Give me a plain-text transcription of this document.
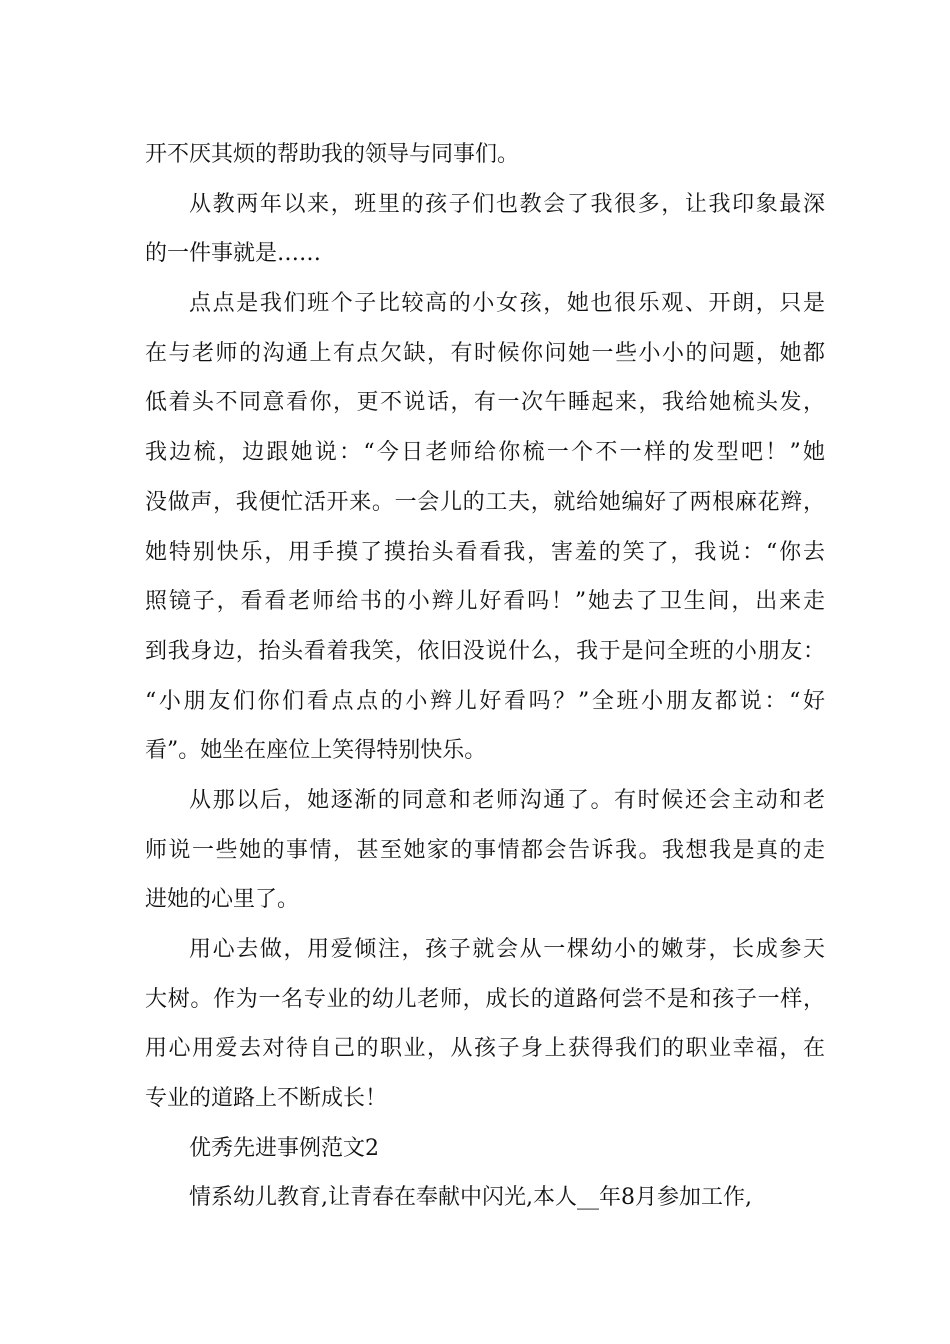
开不厌其烦的帮助我的领导与同事们。
从教两年以来，班里的孩子们也教会了我很多，让我印象最深
的一件事就是……
点点是我们班个子比较高的小女孩，她也很乐观、开朗，只是
在与老师的沟通上有点欠缺，有时候你问她一些小小的问题，她都
低着头不同意看你，更不说话，有一次午睡起来，我给她梳头发，
我边梳，边跟她说：“今日老师给你梳一个不一样的发型吧！”她
没做声，我便忙活开来。一会儿的工夫，就给她编好了两根麻花辫，
她特别快乐，用手摸了摸抬头看看我，害羞的笑了，我说：“你去
照镜子，看看老师给书的小辫儿好看吗！”她去了卫生间，出来走
到我身边，抬头看着我笑，依旧没说什么，我于是问全班的小朋友：
“小朋友们你们看点点的小辫儿好看吗？”全班小朋友都说：“好
看”。她坐在座位上笑得特别快乐。
从那以后，她逐渐的同意和老师沟通了。有时候还会主动和老
师说一些她的事情，甚至她家的事情都会告诉我。我想我是真的走
进她的心里了。
用心去做，用爱倾注，孩子就会从一棵幼小的嫩芽，长成参天
大树。作为一名专业的幼儿老师，成长的道路何尝不是和孩子一样，
用心用爱去对待自己的职业，从孩子身上获得我们的职业幸福，在
专业的道路上不断成长！
优秀先进事例范文2
情系幼儿教育,让青春在奉献中闪光,本人__年8月参加工作,
